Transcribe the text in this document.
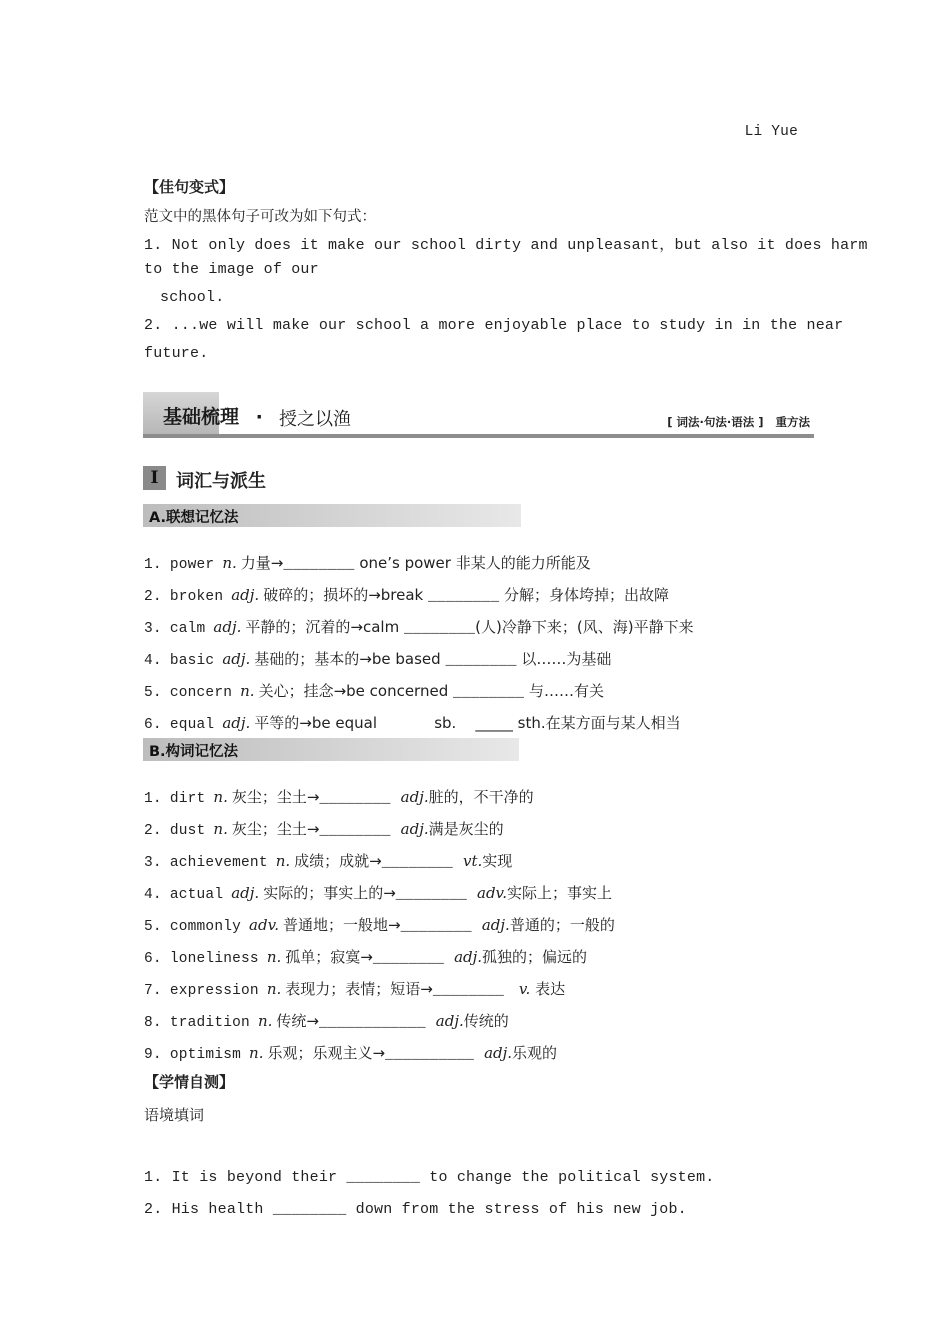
Li Yue
【佳句变式】
范文中的黑体句子可改为如下句式：
1. Not only does it make our school dirty and unpleasant，but also it does harm
to the image of our
school.
2. ...we will make our school a more enjoyable place to study in in the near
future.
基础梳理 · 授之以渔	[ 词法·句法·语法 ] 重方法
I 词汇与派生
A.联想记忆法
1. power n. 力量→________ one’s power 非某人的能力所能及
2. broken adj. 破碎的；损坏的→break ________ 分解；身体垮掉；出故障
3. calm adj. 平静的；沉着的→calm ________(人)冷静下来；(风、海)平静下来
4. basic adj. 基础的；基本的→be based ________ 以……为基础
5. concern n. 关心；挂念→be concerned ________ 与……有关
6. equal adj. 平等的→be equal            sb.    _____ sth.在某方面与某人相当
B.构词记忆法
1. dirt n. 灰尘；尘土→________ adj.脏的，不干净的
2. dust n. 灰尘；尘土→________ adj.满是灰尘的
3. achievement n. 成绩；成就→________ vt.实现
4. actual adj. 实际的；事实上的→________ adv.实际上；事实上
5. commonly adv. 普通地；一般地→________ adj.普通的；一般的
6. loneliness n. 孤单；寂寞→________ adj.孤独的；偏远的
7. expression n. 表现力；表情；短语→________ v. 表达
8. tradition n. 传统→____________ adj.传统的
9. optimism n. 乐观；乐观主义→__________ adj.乐观的
【学情自测】
语境填词
1. It is beyond their ________ to change the political system.
2. His health ________ down from the stress of his new job.
